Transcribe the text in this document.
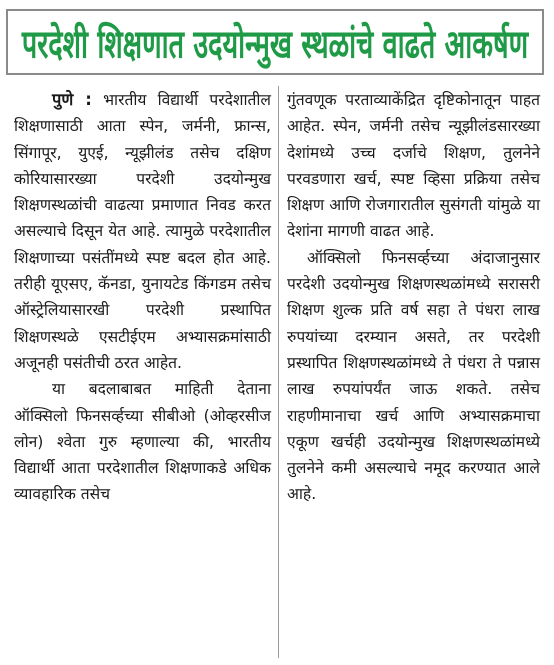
परदेशी शिक्षणात उदयोन्मुख स्थळांचे वाढते आकर्षण

पुणे : भारतीय विद्यार्थी परदेशातील शिक्षणासाठी आता स्पेन, जर्मनी, फ्रान्स, सिंगापूर, युएई, न्यूझीलंड तसेच दक्षिण कोरियासारख्या परदेशी उदयोन्मुख शिक्षणस्थळांची वाढत्या प्रमाणात निवड करत असल्याचे दिसून येत आहे. त्यामुळे परदेशातील शिक्षणाच्या पसंतींमध्ये स्पष्ट बदल होत आहे. तरीही यूएसए, कॅनडा, युनायटेड किंगडम तसेच ऑस्ट्रेलियासारखी परदेशी प्रस्थापित शिक्षणस्थळे एसटीईएम अभ्यासक्रमांसाठी अजूनही पसंतीची ठरत आहेत.

या बदलाबाबत माहिती देताना ऑक्सिलो फिनसर्व्हच्या सीबीओ (ओव्हरसीज लोन) श्वेता गुरु म्हणाल्या की, भारतीय विद्यार्थी आता परदेशातील शिक्षणाकडे अधिक व्यावहारिक तसेच

गुंतवणूक परताव्याकेंद्रित दृष्टिकोनातून पाहत आहेत. स्पेन, जर्मनी तसेच न्यूझीलंडसारख्या देशांमध्ये उच्च दर्जाचे शिक्षण, तुलनेने परवडणारा खर्च, स्पष्ट व्हिसा प्रक्रिया तसेच शिक्षण आणि रोजगारातील सुसंगती यांमुळे या देशांना मागणी वाढत आहे.

ऑक्सिलो फिनसर्व्हच्या अंदाजानुसार परदेशी उदयोन्मुख शिक्षणस्थळांमध्ये सरासरी शिक्षण शुल्क प्रति वर्ष सहा ते पंधरा लाख रुपयांच्या दरम्यान असते, तर परदेशी प्रस्थापित शिक्षणस्थळांमध्ये ते पंधरा ते पन्नास लाख रुपयांपर्यंत जाऊ शकते. तसेच राहणीमानाचा खर्च आणि अभ्यासक्रमाचा एकूण खर्चही उदयोन्मुख शिक्षणस्थळांमध्ये तुलनेने कमी असल्याचे नमूद करण्यात आले आहे.
